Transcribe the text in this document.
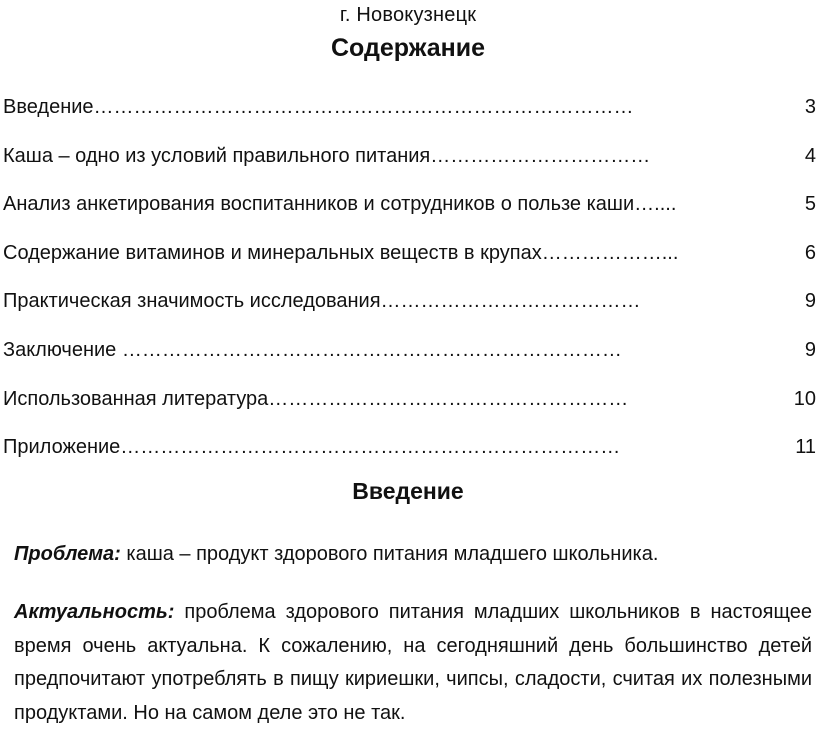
г. Новокузнецк
Содержание
Введение………………………………………………………………………	3
Каша – одно из условий правильного питания……………………………	4
Анализ анкетирования воспитанников и сотрудников о пользе каши…....	5
Содержание витаминов и минеральных веществ в крупах………………...	6
Практическая значимость исследования…………………………………	9
Заключение …………………………………………………………………	9
Использованная литература………………………………………………	10
Приложение…………………………………………………………………	11
Введение

Проблема: каша – продукт здорового питания младшего школьника.

Актуальность: проблема здорового питания младших школьников в настоящее время очень актуальна. К сожалению, на сегодняшний день большинство детей предпочитают употреблять в пищу кириешки, чипсы, сладости, считая их полезными продуктами. Но на самом деле это не так.
